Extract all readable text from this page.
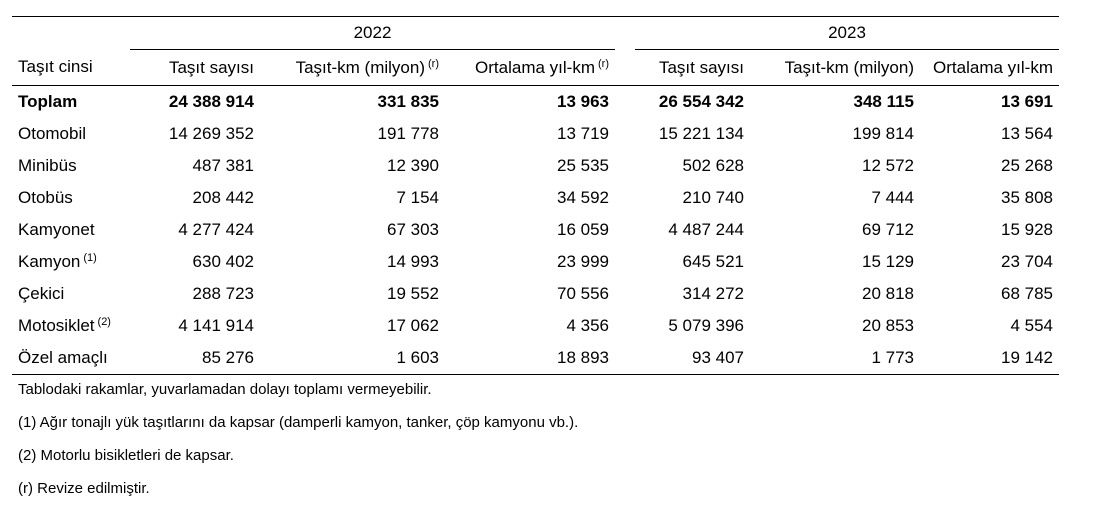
	2022				2023		
Taşıt cinsi	Taşıt sayısı	Taşıt-km (milyon) $^{(r)}$	Ortalama yıl-km $^{(r)}$		Taşıt sayısı	Taşıt-km (milyon)	Ortalama yıl-km
Toplam	24 388 914	331 835	13 963		26 554 342	348 115	13 691
Otomobil	14 269 352	191 778	13 719		15 221 134	199 814	13 564
Minibüs	487 381	12 390	25 535		502 628	12 572	25 268
Otobüs	208 442	7 154	34 592		210 740	7 444	35 808
Kamyonet	4 277 424	67 303	16 059		4 487 244	69 712	15 928
Kamyon $^{(1)}$	630 402	14 993	23 999		645 521	15 129	23 704
Çekici	288 723	19 552	70 556		314 272	20 818	68 785
Motosiklet $^{(2)}$	4 141 914	17 062	4 356		5 079 396	20 853	4 554
Özel amaçlı	85 276	1 603	18 893		93 407	1 773	19 142
Tablodaki rakamlar, yuvarlamadan dolayı toplamı vermeyebilir.
(1) Ağır tonajlı yük taşıtlarını da kapsar (damperli kamyon, tanker, çöp kamyonu vb.).
(2) Motorlu bisikletleri de kapsar.
(r) Revize edilmiştir.
